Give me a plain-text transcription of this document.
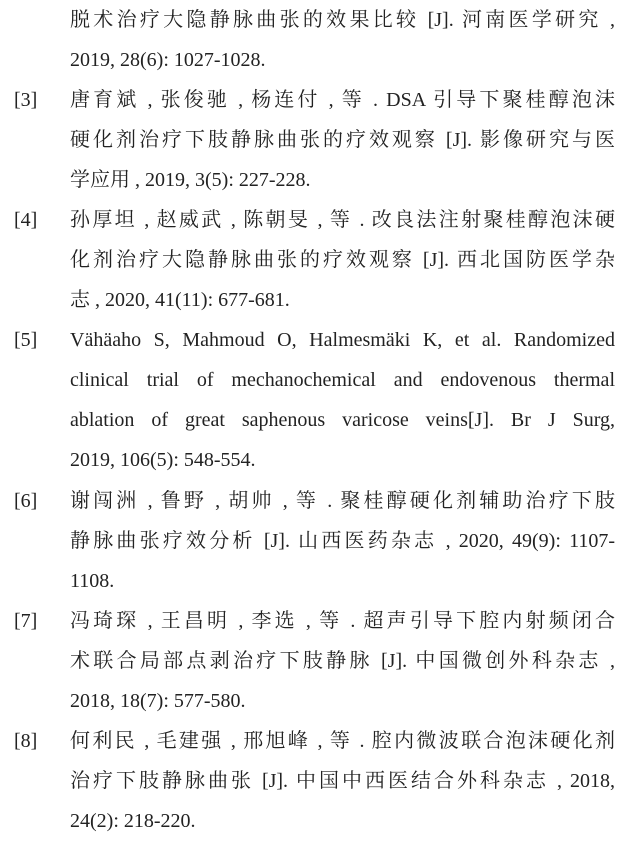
脱术治疗大隐静脉曲张的效果比较 [J]. 河南医学研究 ,
2019, 28(6): 1027-1028.
[3] 唐育斌 , 张俊驰 , 杨连付 , 等 . DSA 引导下聚桂醇泡沫
硬化剂治疗下肢静脉曲张的疗效观察 [J]. 影像研究与医
学应用 , 2019, 3(5): 227-228.
[4] 孙厚坦 , 赵威武 , 陈朝旻 , 等 . 改良法注射聚桂醇泡沫硬
化剂治疗大隐静脉曲张的疗效观察 [J]. 西北国防医学杂
志 , 2020, 41(11): 677-681.
[5] Vähäaho S, Mahmoud O, Halmesmäki K, et al. Randomized
clinical trial of mechanochemical and endovenous thermal
ablation of great saphenous varicose veins[J]. Br J Surg,
2019, 106(5): 548-554.
[6] 谢闯洲 , 鲁野 , 胡帅 , 等 . 聚桂醇硬化剂辅助治疗下肢
静脉曲张疗效分析 [J]. 山西医药杂志 , 2020, 49(9): 1107-
1108.
[7] 冯琦琛 , 王昌明 , 李选 , 等 . 超声引导下腔内射频闭合
术联合局部点剥治疗下肢静脉 [J]. 中国微创外科杂志 ,
2018, 18(7): 577-580.
[8] 何利民 , 毛建强 , 邢旭峰 , 等 . 腔内微波联合泡沫硬化剂
治疗下肢静脉曲张 [J]. 中国中西医结合外科杂志 , 2018,
24(2): 218-220.
